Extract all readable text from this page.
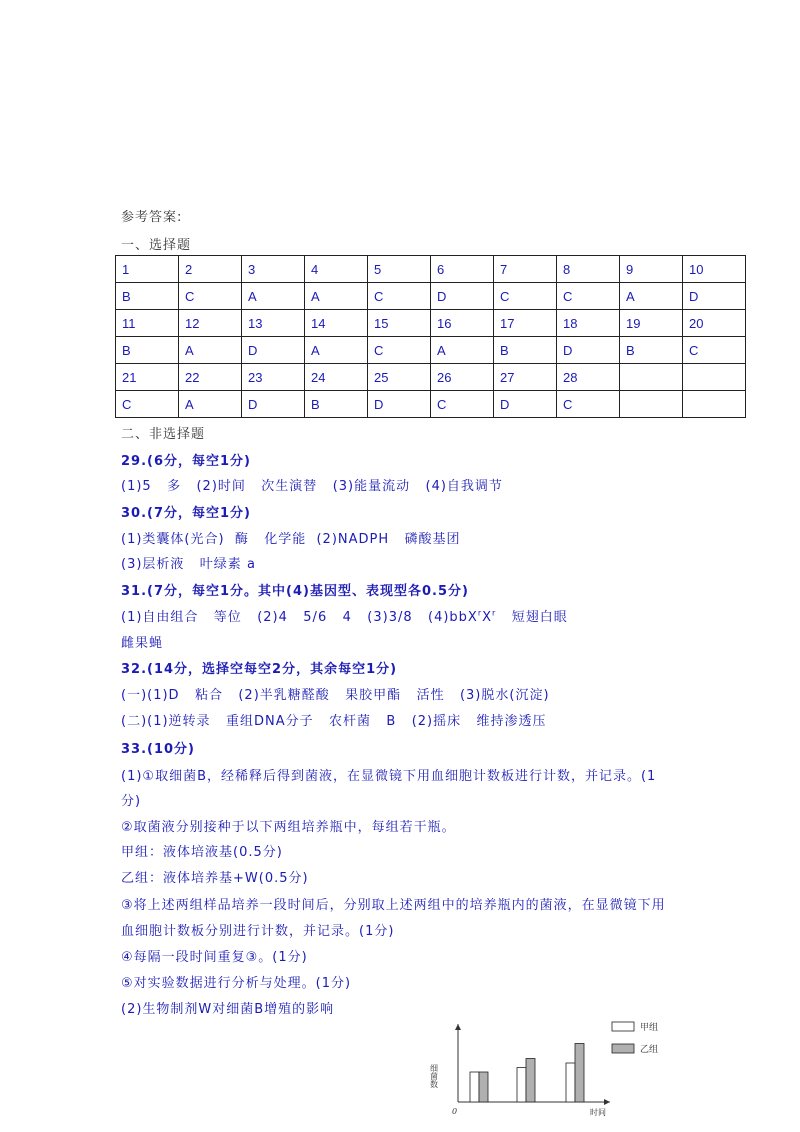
参考答案:
一、选择题
1	2	3	4	5	6	7	8	9	10
B	C	A	A	C	D	C	C	A	D
11	12	13	14	15	16	17	18	19	20
B	A	D	A	C	A	B	D	B	C
21	22	23	24	25	26	27	28		
C	A	D	B	D	C	D	C		
二、非选择题
29.(6分，每空1分)
(1)5   多   (2)时间   次生演替   (3)能量流动   (4)自我调节
30.(7分，每空1分)
(1)类囊体(光合)  酶   化学能  (2)NADPH   磷酸基团
(3)层析液   叶绿素 a
31.(7分，每空1分。其中(4)基因型、表现型各0.5分)
(1)自由组合   等位   (2)4   5/6   4   (3)3/8   $(4)bbX^rX^r$   短翅白眼
雌果蝇
32.(14分，选择空每空2分，其余每空1分)
(一)(1)D   粘合   (2)半乳糖醛酸   果胶甲酯   活性   (3)脱水(沉淀)
(二)(1)逆转录   重组DNA分子   农杆菌   B   (2)摇床   维持渗透压
33.(10分)
(1)①取细菌B，经稀释后得到菌液，在显微镜下用血细胞计数板进行计数，并记录。(1
分)
②取菌液分别接种于以下两组培养瓶中，每组若干瓶。
甲组：液体培液基(0.5分)
乙组：液体培养基+W(0.5分)
③将上述两组样品培养一段时间后，分别取上述两组中的培养瓶内的菌液，在显微镜下用
血细胞计数板分别进行计数，并记录。(1分)
④每隔一段时间重复③。(1分)
⑤对实验数据进行分析与处理。(1分)
(2)生物制剂W对细菌B增殖的影响
0
细菌数
时间
甲组
乙组
